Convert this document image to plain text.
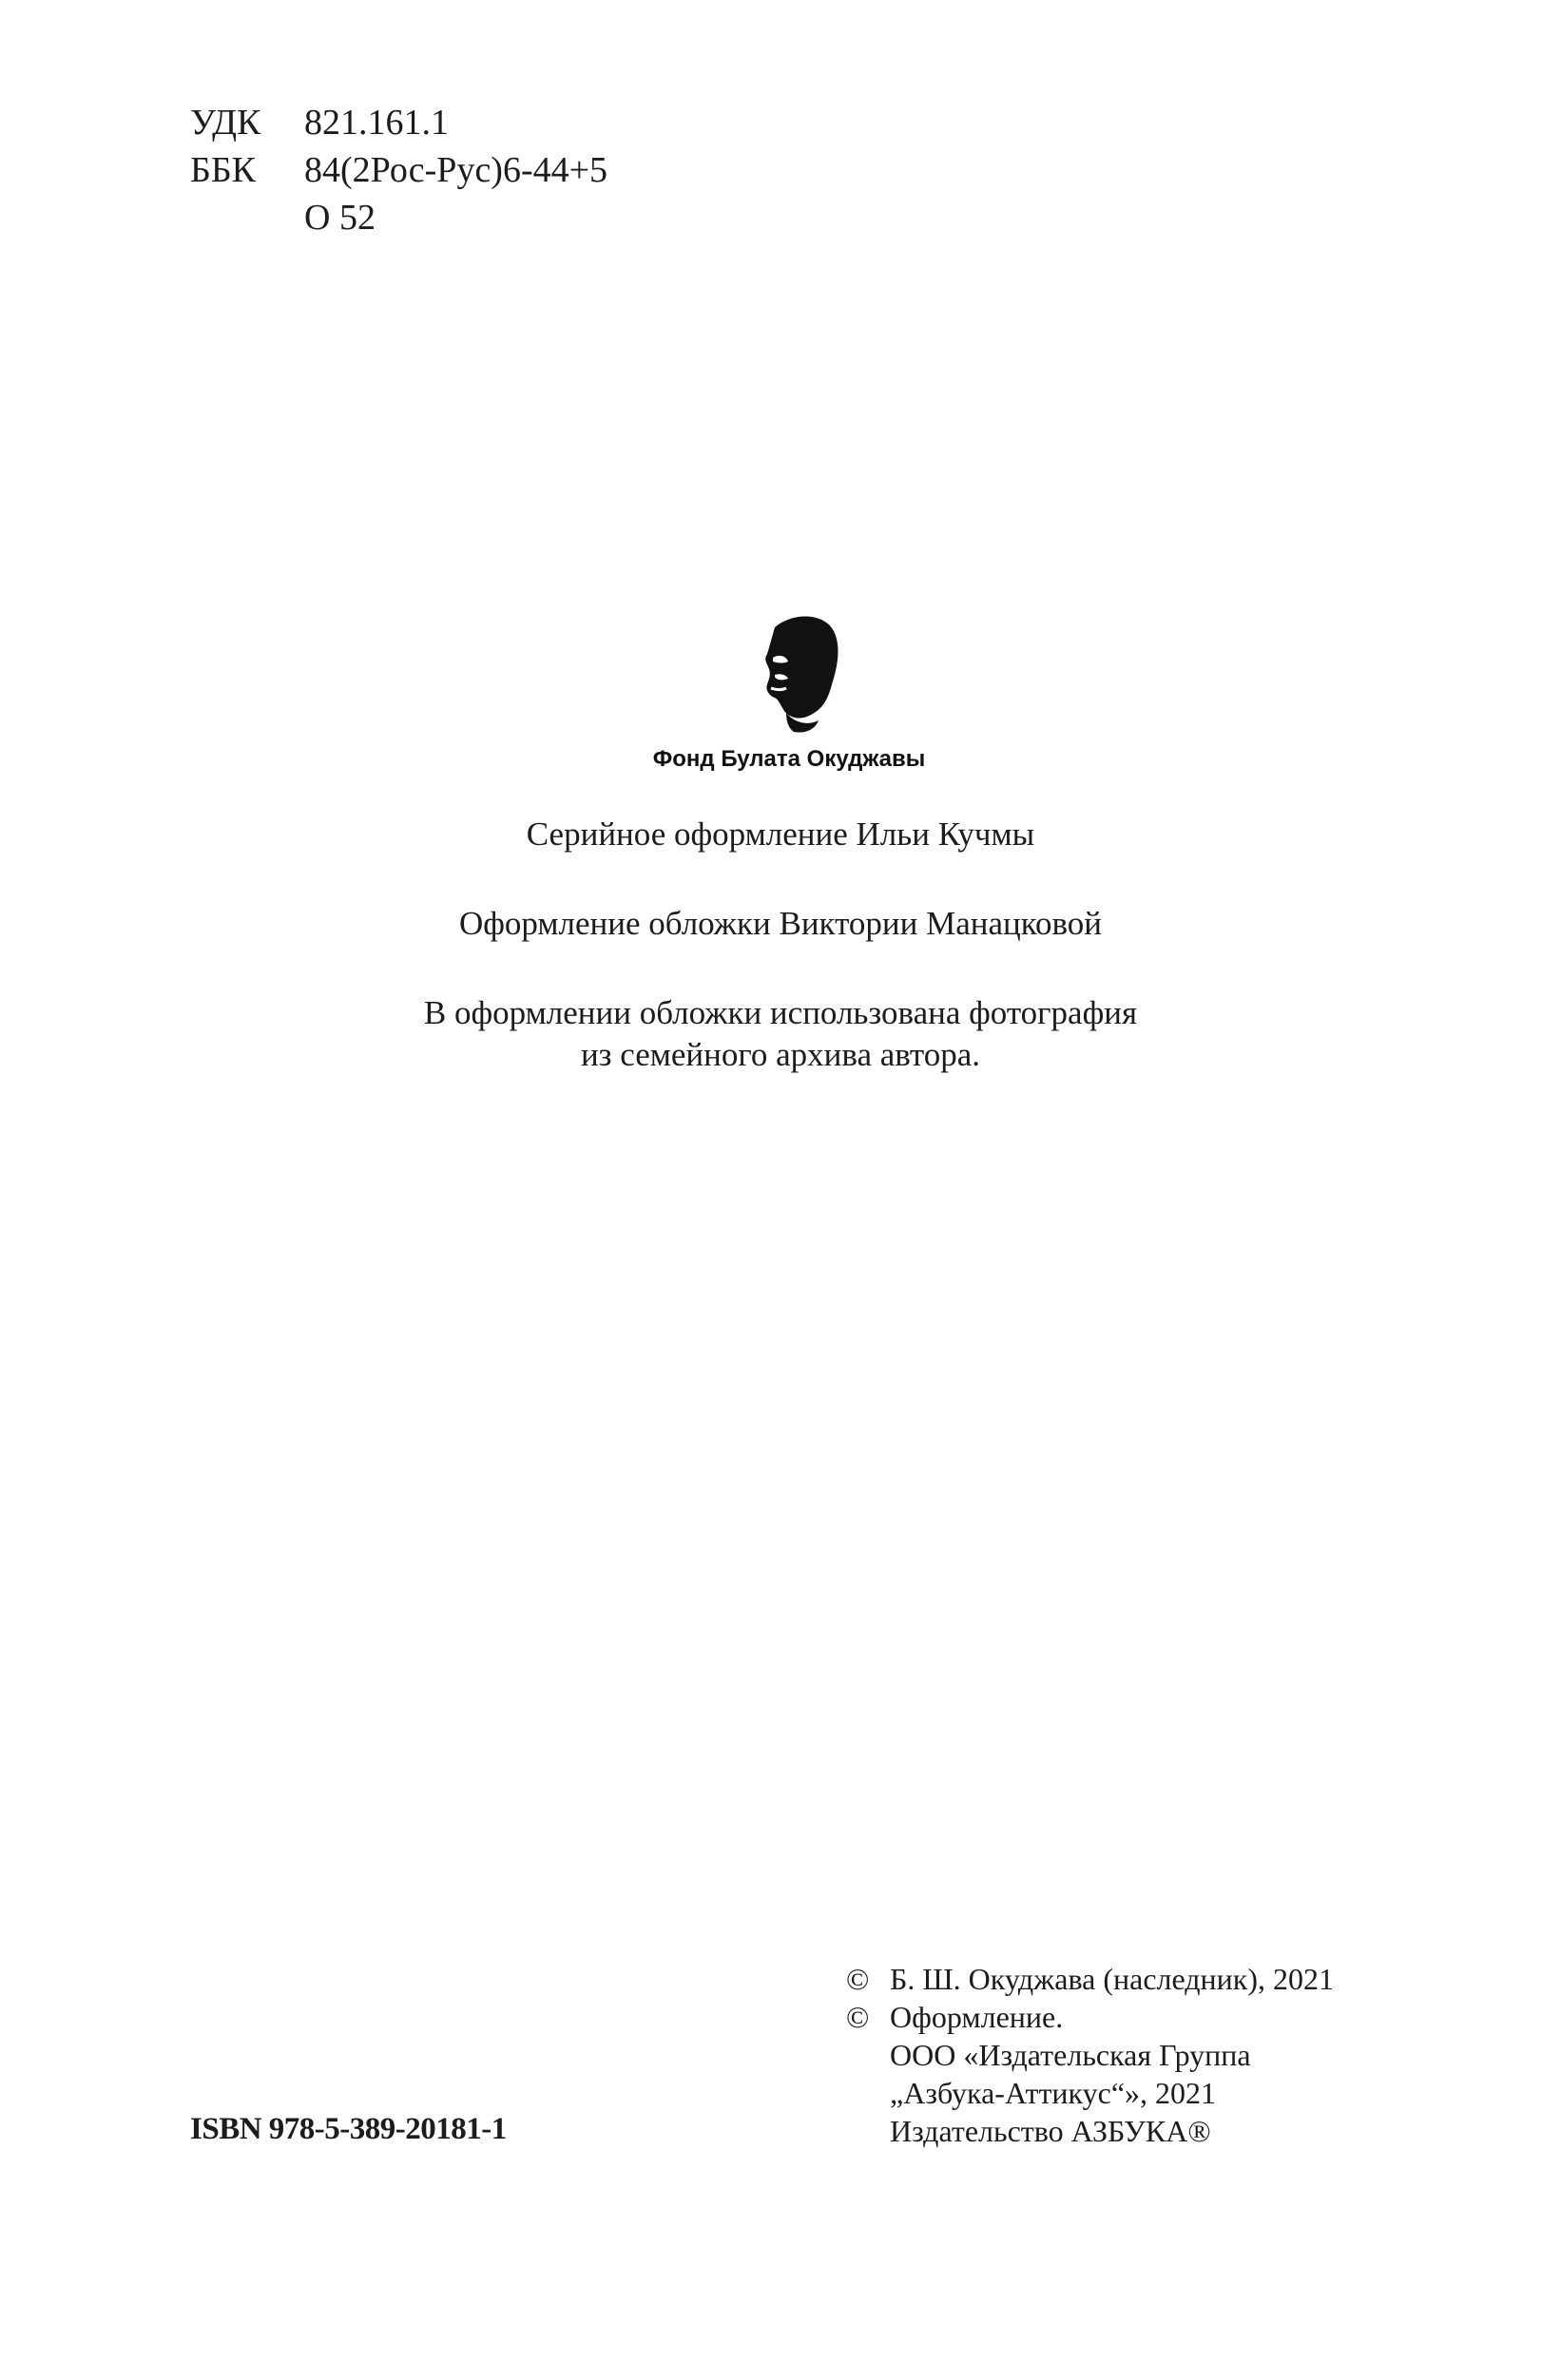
УДК	821.161.1
ББК	84(2Рос-Рус)6-44+5
О 52
Фонд Булата Окуджавы
Серийное оформление Ильи Кучмы
Оформление обложки Виктории Манацковой
В оформлении обложки использована фотография
из семейного архива автора.
ISBN 978-5-389-20181-1
© Б. Ш. Окуджава (наследник), 2021
© Оформление.
ООО «Издательская Группа
„Азбука-Аттикус“», 2021
Издательство АЗБУКА®
